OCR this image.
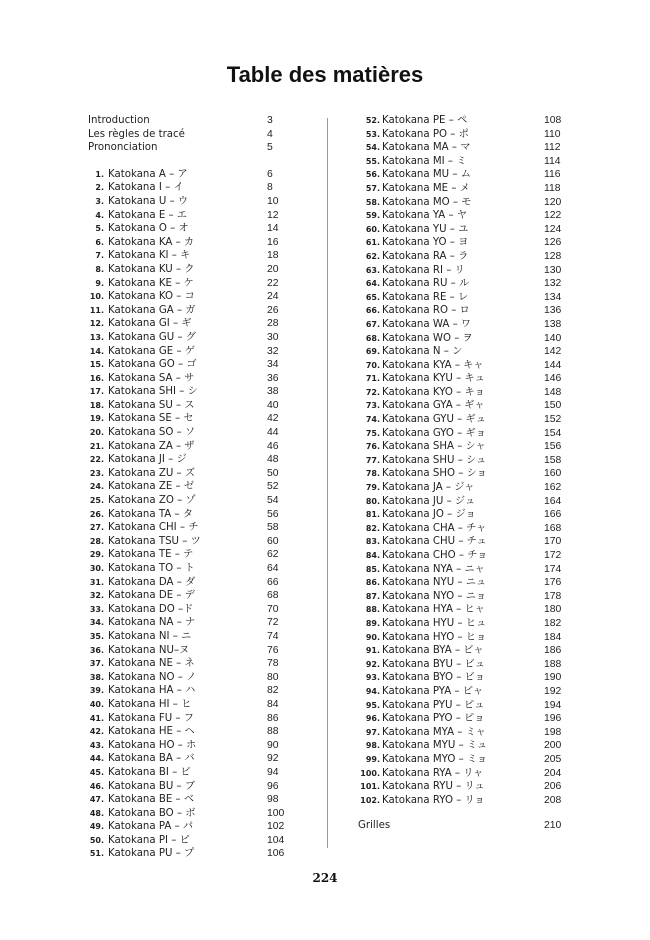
Table des matières
Introduction	3
Les règles de tracé	4
Prononciation	5
1. Katokana A – ア	6
2. Katokana I – イ	8
3. Katokana U – ウ	10
4. Katokana E – エ	12
5. Katokana O – オ	14
6. Katokana KA – カ	16
7. Katokana KI – キ	18
8. Katokana KU – ク	20
9. Katokana KE – ケ	22
10. Katokana KO – コ	24
11. Katokana GA – ガ	26
12. Katokana GI – ギ	28
13. Katokana GU – グ	30
14. Katokana GE – ゲ	32
15. Katokana GO – ゴ	34
16. Katokana SA – サ	36
17. Katokana SHI – シ	38
18. Katokana SU – ス	40
19. Katokana SE – セ	42
20. Katokana SO – ソ	44
21. Katokana ZA – ザ	46
22. Katokana JI – ジ	48
23. Katokana ZU – ズ	50
24. Katokana ZE – ゼ	52
25. Katokana ZO – ゾ	54
26. Katokana TA – タ	56
27. Katokana CHI – チ	58
28. Katokana TSU – ツ	60
29. Katokana TE – テ	62
30. Katokana TO – ト	64
31. Katokana DA – ダ	66
32. Katokana DE – デ	68
33. Katokana DO –ド	70
34. Katokana NA – ナ	72
35. Katokana NI – ニ	74
36. Katokana NU–ヌ	76
37. Katokana NE – ネ	78
38. Katokana NO – ノ	80
39. Katokana HA – ハ	82
40. Katokana HI – ヒ	84
41. Katokana FU – フ	86
42. Katokana HE – ヘ	88
43. Katokana HO – ホ	90
44. Katokana BA – バ	92
45. Katokana BI – ビ	94
46. Katokana BU – ブ	96
47. Katokana BE – ベ	98
48. Katokana BO – ボ	100
49. Katokana PA – パ	102
50. Katokana PI – ピ	104
51. Katokana PU – プ	106
52. Katokana PE – ペ	108
53. Katokana PO – ポ	110
54. Katokana MA – マ	112
55. Katokana MI – ミ	114
56. Katokana MU – ム	116
57. Katokana ME – メ	118
58. Katokana MO – モ	120
59. Katokana YA – ヤ	122
60. Katokana YU – ユ	124
61. Katokana YO – ヨ	126
62. Katokana RA – ラ	128
63. Katokana RI – リ	130
64. Katokana RU – ル	132
65. Katokana RE – レ	134
66. Katokana RO – ロ	136
67. Katokana WA – ワ	138
68. Katokana WO – ヲ	140
69. Katokana N – ン	142
70. Katokana KYA – キャ	144
71. Katokana KYU – キュ	146
72. Katokana KYO – キョ	148
73. Katokana GYA – ギャ	150
74. Katokana GYU – ギュ	152
75. Katokana GYO – ギョ	154
76. Katokana SHA – シャ	156
77. Katokana SHU – シュ	158
78. Katokana SHO – ショ	160
79. Katokana JA – ジャ	162
80. Katokana JU – ジュ	164
81. Katokana JO – ジョ	166
82. Katokana CHA – チャ	168
83. Katokana CHU – チュ	170
84. Katokana CHO – チョ	172
85. Katokana NYA – ニャ	174
86. Katokana NYU – ニュ	176
87. Katokana NYO – ニョ	178
88. Katokana HYA – ヒャ	180
89. Katokana HYU – ヒュ	182
90. Katokana HYO – ヒョ	184
91. Katokana BYA – ビャ	186
92. Katokana BYU – ビュ	188
93. Katokana BYO – ビョ	190
94. Katokana PYA – ピャ	192
95. Katokana PYU – ピュ	194
96. Katokana PYO – ピョ	196
97. Katokana MYA – ミャ	198
98. Katokana MYU – ミュ	200
99. Katokana MYO – ミョ	205
100. Katokana RYA – リャ	204
101. Katokana RYU – リュ	206
102. Katokana RYO – リョ	208
Grilles	210
224
